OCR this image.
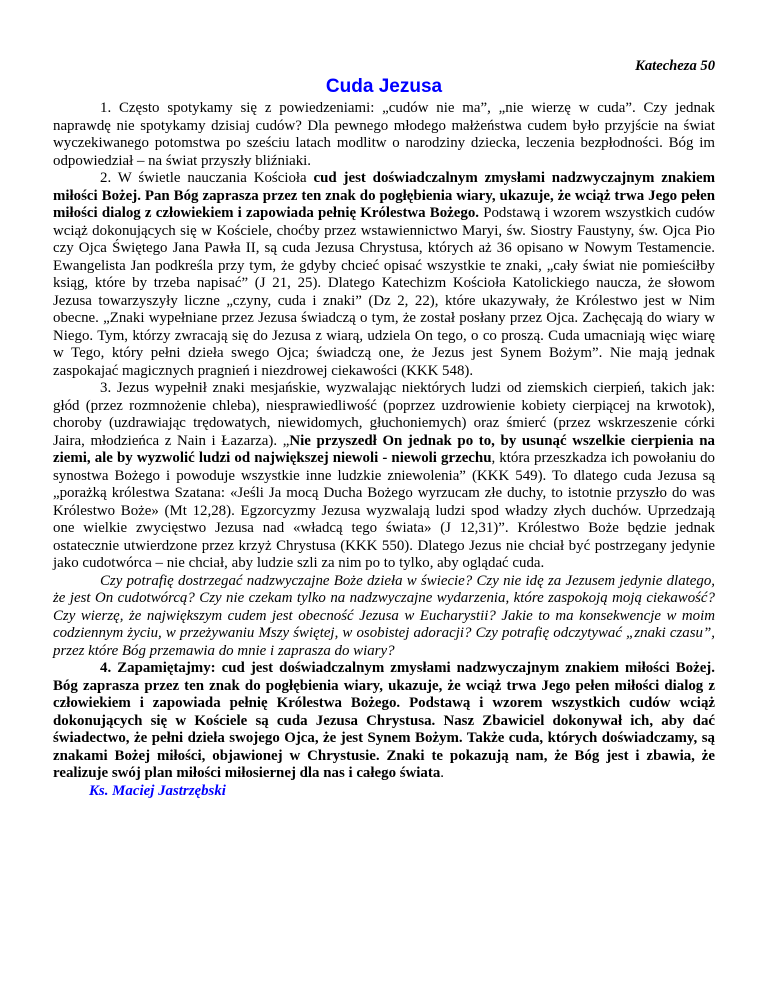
Katecheza 50
Cuda Jezusa

1. Często spotykamy się z powiedzeniami: „cudów nie ma”, „nie wierzę w cuda”. Czy jednak naprawdę nie spotykamy dzisiaj cudów? Dla pewnego młodego małżeństwa cudem było przyjście na świat wyczekiwanego potomstwa po sześciu latach modlitw o narodziny dziecka, leczenia bezpłodności. Bóg im odpowiedział – na świat przyszły bliźniaki.

2. W świetle nauczania Kościoła cud jest doświadczalnym zmysłami nadzwyczajnym znakiem miłości Bożej. Pan Bóg zaprasza przez ten znak do pogłębienia wiary, ukazuje, że wciąż trwa Jego pełen miłości dialog z człowiekiem i zapowiada pełnię Królestwa Bożego. Podstawą i wzorem wszystkich cudów wciąż dokonujących się w Kościele, choćby przez wstawiennictwo Maryi, św. Siostry Faustyny, św. Ojca Pio czy Ojca Świętego Jana Pawła II, są cuda Jezusa Chrystusa, których aż 36 opisano w Nowym Testamencie. Ewangelista Jan podkreśla przy tym, że gdyby chcieć opisać wszystkie te znaki, „cały świat nie pomieściłby ksiąg, które by trzeba napisać” (J 21, 25). Dlatego Katechizm Kościoła Katolickiego naucza, że słowom Jezusa towarzyszyły liczne „czyny, cuda i znaki” (Dz 2, 22), które ukazywały, że Królestwo jest w Nim obecne. „Znaki wypełniane przez Jezusa świadczą o tym, że został posłany przez Ojca. Zachęcają do wiary w Niego. Tym, którzy zwracają się do Jezusa z wiarą, udziela On tego, o co proszą. Cuda umacniają więc wiarę w Tego, który pełni dzieła swego Ojca; świadczą one, że Jezus jest Synem Bożym”. Nie mają jednak zaspokajać magicznych pragnień i niezdrowej ciekawości (KKK 548).

3. Jezus wypełnił znaki mesjańskie, wyzwalając niektórych ludzi od ziemskich cierpień, takich jak: głód (przez rozmnożenie chleba), niesprawiedliwość (poprzez uzdrowienie kobiety cierpiącej na krwotok), choroby (uzdrawiając trędowatych, niewidomych, głuchoniemych) oraz śmierć (przez wskrzeszenie córki Jaira, młodzieńca z Nain i Łazarza). „Nie przyszedł On jednak po to, by usunąć wszelkie cierpienia na ziemi, ale by wyzwolić ludzi od największej niewoli - niewoli grzechu, która przeszkadza ich powołaniu do synostwa Bożego i powoduje wszystkie inne ludzkie zniewolenia” (KKK 549). To dlatego cuda Jezusa są „porażką królestwa Szatana: «Jeśli Ja mocą Ducha Bożego wyrzucam złe duchy, to istotnie przyszło do was Królestwo Boże» (Mt 12,28). Egzorcyzmy Jezusa wyzwalają ludzi spod władzy złych duchów. Uprzedzają one wielkie zwycięstwo Jezusa nad «władcą tego świata» (J 12,31)”. Królestwo Boże będzie jednak ostatecznie utwierdzone przez krzyż Chrystusa (KKK 550). Dlatego Jezus nie chciał być postrzegany jedynie jako cudotwórca – nie chciał, aby ludzie szli za nim po to tylko, aby oglądać cuda.

Czy potrafię dostrzegać nadzwyczajne Boże dzieła w świecie? Czy nie idę za Jezusem jedynie dlatego, że jest On cudotwórcą? Czy nie czekam tylko na nadzwyczajne wydarzenia, które zaspokoją moją ciekawość? Czy wierzę, że największym cudem jest obecność Jezusa w Eucharystii? Jakie to ma konsekwencje w moim codziennym życiu, w przeżywaniu Mszy świętej, w osobistej adoracji? Czy potrafię odczytywać „znaki czasu”, przez które Bóg przemawia do mnie i zaprasza do wiary?

4. Zapamiętajmy: cud jest doświadczalnym zmysłami nadzwyczajnym znakiem miłości Bożej. Bóg zaprasza przez ten znak do pogłębienia wiary, ukazuje, że wciąż trwa Jego pełen miłości dialog z człowiekiem i zapowiada pełnię Królestwa Bożego. Podstawą i wzorem wszystkich cudów wciąż dokonujących się w Kościele są cuda Jezusa Chrystusa. Nasz Zbawiciel dokonywał ich, aby dać świadectwo, że pełni dzieła swojego Ojca, że jest Synem Bożym. Także cuda, których doświadczamy, są znakami Bożej miłości, objawionej w Chrystusie. Znaki te pokazują nam, że Bóg jest i zbawia, że realizuje swój plan miłości miłosiernej dla nas i całego świata.

Ks. Maciej Jastrzębski
